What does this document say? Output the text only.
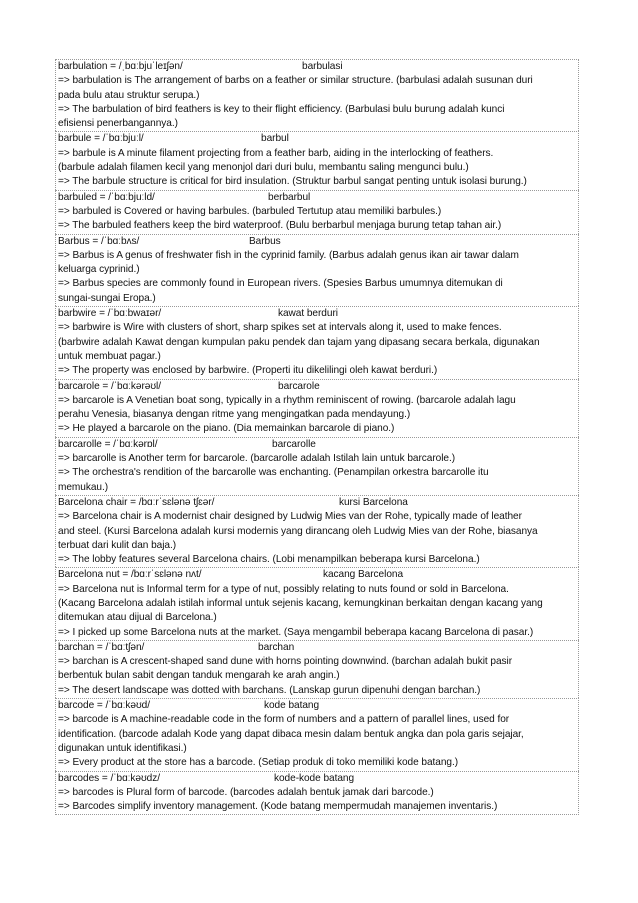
barbulation = /ˌbɑːbjuˈleɪʃən/	barbulasi
=> barbulation is The arrangement of barbs on a feather or similar structure. (barbulasi adalah susunan duri
pada bulu atau struktur serupa.)
=> The barbulation of bird feathers is key to their flight efficiency. (Barbulasi bulu burung adalah kunci
efisiensi penerbangannya.)
barbule = /ˈbɑːbjuːl/	barbul
=> barbule is A minute filament projecting from a feather barb, aiding in the interlocking of feathers.
(barbule adalah filamen kecil yang menonjol dari duri bulu, membantu saling mengunci bulu.)
=> The barbule structure is critical for bird insulation. (Struktur barbul sangat penting untuk isolasi burung.)
barbuled = /ˈbɑːbjuːld/	berbarbul
=> barbuled is Covered or having barbules. (barbuled Tertutup atau memiliki barbules.)
=> The barbuled feathers keep the bird waterproof. (Bulu berbarbul menjaga burung tetap tahan air.)
Barbus = /ˈbɑːbʌs/	Barbus
=> Barbus is A genus of freshwater fish in the cyprinid family. (Barbus adalah genus ikan air tawar dalam
keluarga cyprinid.)
=> Barbus species are commonly found in European rivers. (Spesies Barbus umumnya ditemukan di
sungai-sungai Eropa.)
barbwire = /ˈbɑːbwaɪər/	kawat berduri
=> barbwire is Wire with clusters of short, sharp spikes set at intervals along it, used to make fences.
(barbwire adalah Kawat dengan kumpulan paku pendek dan tajam yang dipasang secara berkala, digunakan
untuk membuat pagar.)
=> The property was enclosed by barbwire. (Properti itu dikelilingi oleh kawat berduri.)
barcarole = /ˈbɑːkərəʊl/	barcarole
=> barcarole is A Venetian boat song, typically in a rhythm reminiscent of rowing. (barcarole adalah lagu
perahu Venesia, biasanya dengan ritme yang mengingatkan pada mendayung.)
=> He played a barcarole on the piano. (Dia memainkan barcarole di piano.)
barcarolle = /ˈbɑːkərɒl/	barcarolle
=> barcarolle is Another term for barcarole. (barcarolle adalah Istilah lain untuk barcarole.)
=> The orchestra's rendition of the barcarolle was enchanting. (Penampilan orkestra barcarolle itu
memukau.)
Barcelona chair = /bɑːrˈsɛlənə tʃɛər/	kursi Barcelona
=> Barcelona chair is A modernist chair designed by Ludwig Mies van der Rohe, typically made of leather
and steel. (Kursi Barcelona adalah kursi modernis yang dirancang oleh Ludwig Mies van der Rohe, biasanya
terbuat dari kulit dan baja.)
=> The lobby features several Barcelona chairs. (Lobi menampilkan beberapa kursi Barcelona.)
Barcelona nut = /bɑːrˈsɛlənə nʌt/	kacang Barcelona
=> Barcelona nut is Informal term for a type of nut, possibly relating to nuts found or sold in Barcelona.
(Kacang Barcelona adalah istilah informal untuk sejenis kacang, kemungkinan berkaitan dengan kacang yang
ditemukan atau dijual di Barcelona.)
=> I picked up some Barcelona nuts at the market. (Saya mengambil beberapa kacang Barcelona di pasar.)
barchan = /ˈbɑːtʃən/	barchan
=> barchan is A crescent-shaped sand dune with horns pointing downwind. (barchan adalah bukit pasir
berbentuk bulan sabit dengan tanduk mengarah ke arah angin.)
=> The desert landscape was dotted with barchans. (Lanskap gurun dipenuhi dengan barchan.)
barcode = /ˈbɑːkəʊd/	kode batang
=> barcode is A machine-readable code in the form of numbers and a pattern of parallel lines, used for
identification. (barcode adalah Kode yang dapat dibaca mesin dalam bentuk angka dan pola garis sejajar,
digunakan untuk identifikasi.)
=> Every product at the store has a barcode. (Setiap produk di toko memiliki kode batang.)
barcodes = /ˈbɑːkəʊdz/	kode-kode batang
=> barcodes is Plural form of barcode. (barcodes adalah bentuk jamak dari barcode.)
=> Barcodes simplify inventory management. (Kode batang mempermudah manajemen inventaris.)
